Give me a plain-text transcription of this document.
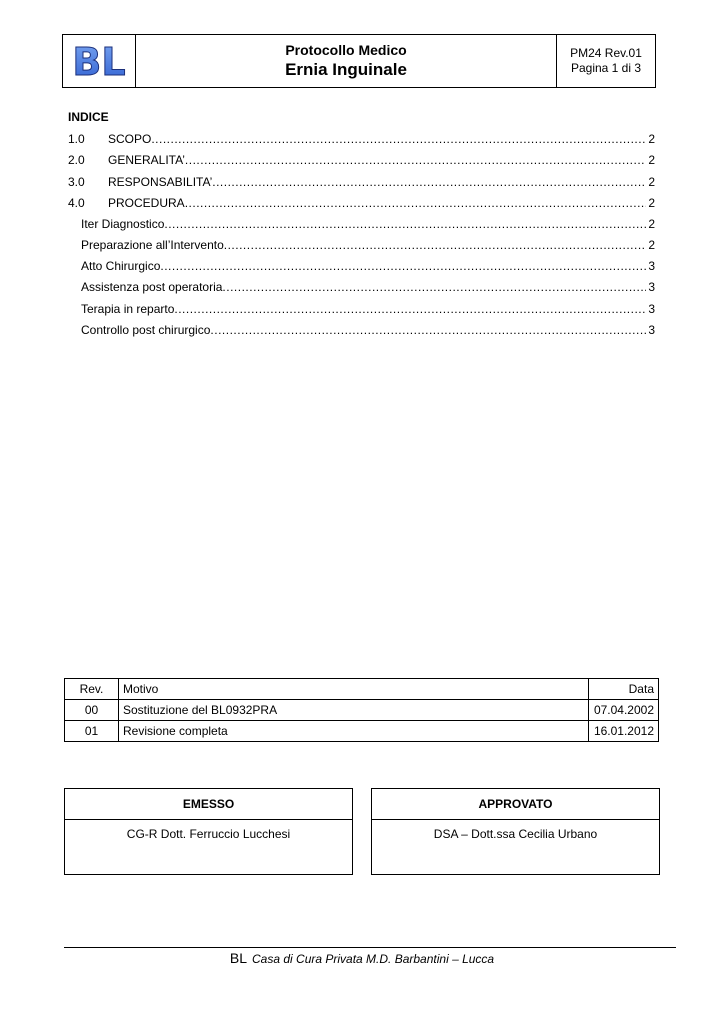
BL	Protocollo Medico
Ernia Inguinale
PM24 Rev.01
Pagina 1 di 3
INDICE
1.0	SCOPO .....	2
2.0	GENERALITA’ .....	2
3.0	RESPONSABILITA’ .....	2
4.0	PROCEDURA .....	2
Iter Diagnostico .....	2
Preparazione all’Intervento .....	2
Atto Chirurgico .....	3
Assistenza post operatoria .....	3
Terapia in reparto .....	3
Controllo post chirurgico .....	3
Rev.	Motivo	Data
00	Sostituzione del BL0932PRA	07.04.2002
01	Revisione completa	16.01.2012
EMESSO
CG-R Dott. Ferruccio Lucchesi
APPROVATO
DSA – Dott.ssa Cecilia Urbano
BL Casa di Cura Privata M.D. Barbantini – Lucca
